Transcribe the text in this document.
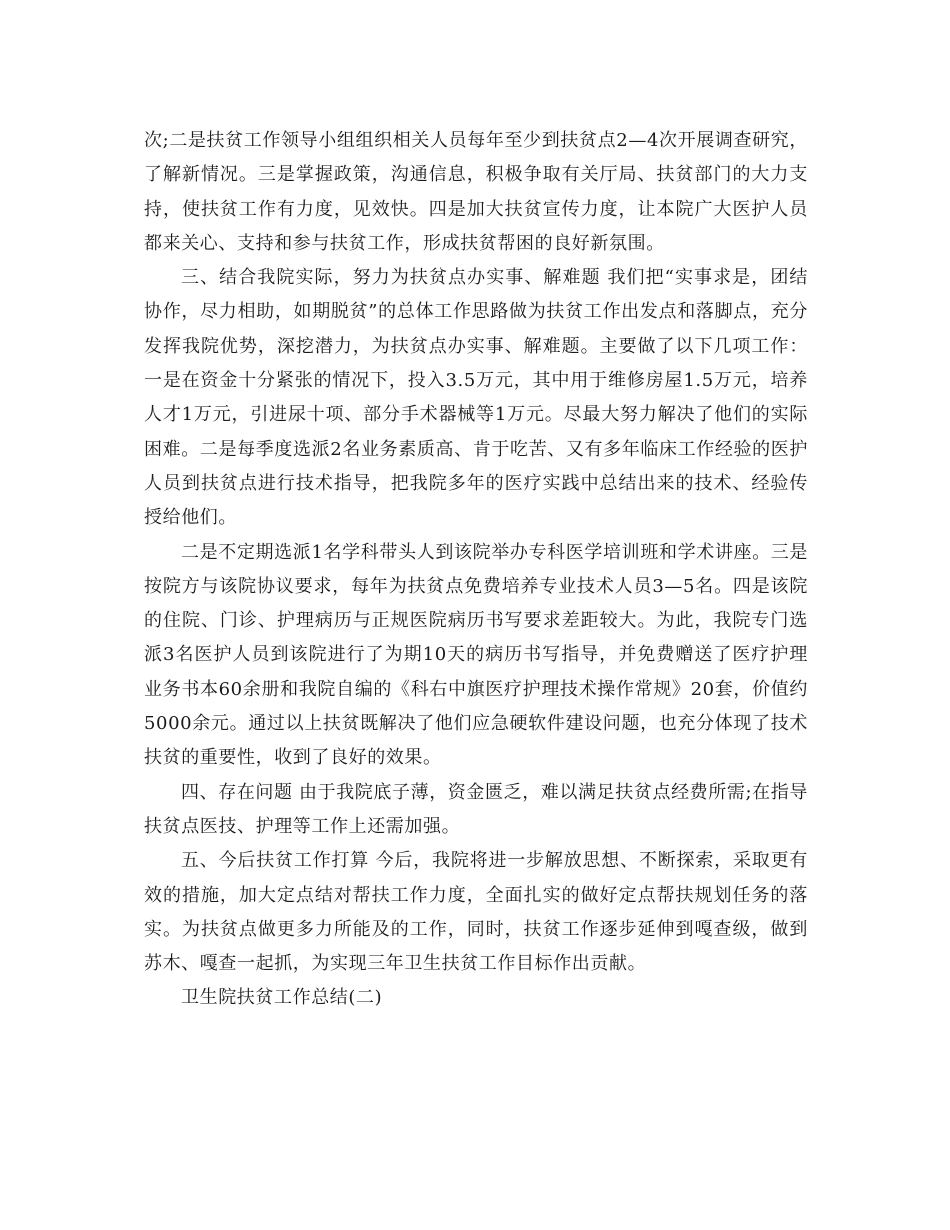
次;二是扶贫工作领导小组组织相关人员每年至少到扶贫点2—4次开展调查研究，了解新情况。三是掌握政策，沟通信息，积极争取有关厅局、扶贫部门的大力支持，使扶贫工作有力度，见效快。四是加大扶贫宣传力度，让本院广大医护人员都来关心、支持和参与扶贫工作，形成扶贫帮困的良好新氛围。

三、结合我院实际，努力为扶贫点办实事、解难题 我们把“实事求是，团结协作，尽力相助，如期脱贫”的总体工作思路做为扶贫工作出发点和落脚点，充分发挥我院优势，深挖潜力，为扶贫点办实事、解难题。主要做了以下几项工作：一是在资金十分紧张的情况下，投入3.5万元，其中用于维修房屋1.5万元，培养人才1万元，引进尿十项、部分手术器械等1万元。尽最大努力解决了他们的实际困难。二是每季度选派2名业务素质高、肯于吃苦、又有多年临床工作经验的医护人员到扶贫点进行技术指导，把我院多年的医疗实践中总结出来的技术、经验传授给他们。

二是不定期选派1名学科带头人到该院举办专科医学培训班和学术讲座。三是按院方与该院协议要求，每年为扶贫点免费培养专业技术人员3—5名。四是该院的住院、门诊、护理病历与正规医院病历书写要求差距较大。为此，我院专门选派3名医护人员到该院进行了为期10天的病历书写指导，并免费赠送了医疗护理业务书本60余册和我院自编的《科右中旗医疗护理技术操作常规》20套，价值约5000余元。通过以上扶贫既解决了他们应急硬软件建设问题，也充分体现了技术扶贫的重要性，收到了良好的效果。

四、存在问题 由于我院底子薄，资金匮乏，难以满足扶贫点经费所需;在指导扶贫点医技、护理等工作上还需加强。

五、今后扶贫工作打算 今后，我院将进一步解放思想、不断探索，采取更有效的措施，加大定点结对帮扶工作力度，全面扎实的做好定点帮扶规划任务的落实。为扶贫点做更多力所能及的工作，同时，扶贫工作逐步延伸到嘎查级，做到苏木、嘎查一起抓，为实现三年卫生扶贫工作目标作出贡献。

卫生院扶贫工作总结(二)
